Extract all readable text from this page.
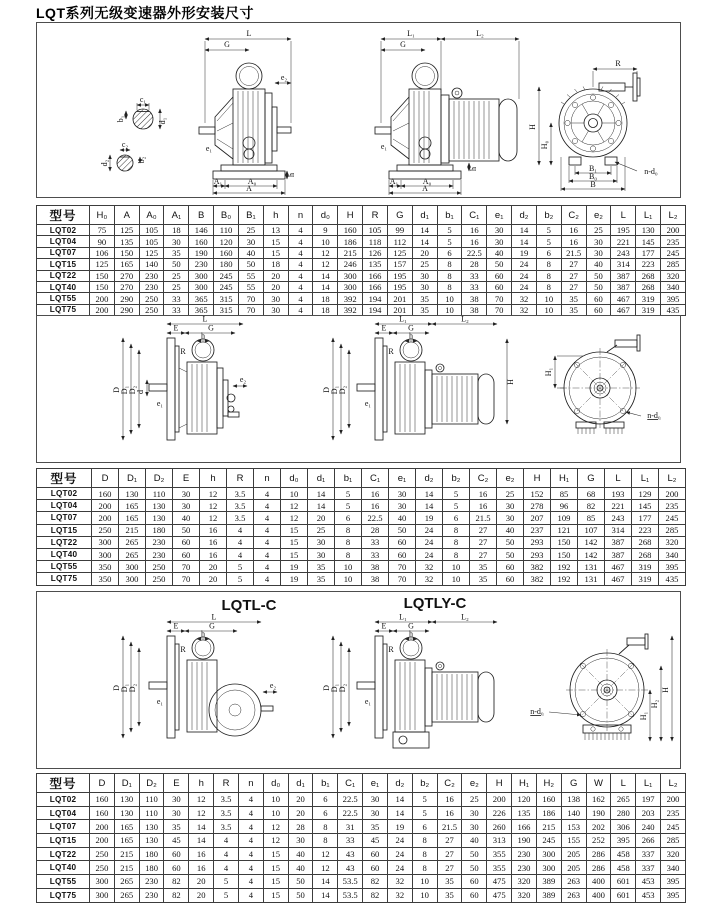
LQT系列无级变速器外形安装尺寸
c₁
b₁	d₁
c₂
d₂	b₂
L
G
e₂
e₁
h
A₁	A₀
A
L₁	L₂
G
e₁
A₁	A₀
A
h
R
H
H₀
B₁
B₀
B
n-d₀
型号	H₀	A	A₀	A₁	B	B₀	B₁	h	n	d₀	H	R	G	d₁	b₁	C₁	e₁	d₂	b₂	C₂	e₂	L	L₁	L₂
LQT02	75	125	105	18	146	110	25	13	4	9	160	105	99	14	5	16	30	14	5	16	25	195	130	200
LQT04	90	135	105	30	160	120	30	15	4	10	186	118	112	14	5	16	30	14	5	16	30	221	145	235
LQT07	106	150	125	35	190	160	40	15	4	12	215	126	125	20	6	22.5	40	19	6	21.5	30	243	177	245
LQT15	125	165	140	50	230	180	50	18	4	12	246	135	157	25	8	28	50	24	8	27	40	314	223	285
LQT22	150	270	230	25	300	245	55	20	4	14	300	166	195	30	8	33	60	24	8	27	50	387	268	320
LQT40	150	270	230	25	300	245	55	20	4	14	300	166	195	30	8	33	60	24	8	27	50	387	268	340
LQT55	200	290	250	33	365	315	70	30	4	18	392	194	201	35	10	38	70	32	10	35	60	467	319	395
LQT75	200	290	250	33	365	315	70	30	4	18	392	194	201	35	10	38	70	32	10	35	60	467	319	435
D D₁ D₂ d
L
E	G
h
R
e₁
e₂
D D₁ D₂
L₁	L₂
E	G
h
R
e₁
H
H₁
n-d₀
型号	D	D₁	D₂	E	h	R	n	d₀	d₁	b₁	C₁	e₁	d₂	b₂	C₂	e₂	H	H₁	G	L	L₁	L₂
LQT02	160	130	110	30	12	3.5	4	10	14	5	16	30	14	5	16	25	152	85	68	193	129	200
LQT04	200	165	130	30	12	3.5	4	12	14	5	16	30	14	5	16	30	278	96	82	221	145	235
LQT07	200	165	130	40	12	3.5	4	12	20	6	22.5	40	19	6	21.5	30	207	109	85	243	177	245
LQT15	250	215	180	50	16	4	4	15	25	8	28	50	24	8	27	40	237	121	107	314	223	285
LQT22	300	265	230	60	16	4	4	15	30	8	33	60	24	8	27	50	293	150	142	387	268	320
LQT40	300	265	230	60	16	4	4	15	30	8	33	60	24	8	27	50	293	150	142	387	268	340
LQT55	350	300	250	70	20	5	4	19	35	10	38	70	32	10	35	60	382	192	131	467	319	395
LQT75	350	300	250	70	20	5	4	19	35	10	38	70	32	10	35	60	382	192	131	467	319	435
LQTL-C	LQTLY-C
D D₁ D₂
L
E	G
h
R
e₁
e₂	D D₁ D₂
L₁	L₂
E	G
h
R
e₁
n-d₀	H₁
H₂
H
型号	D	D₁	D₂	E	h	R	n	d₀	d₁	b₁	C₁	e₁	d₂	b₂	C₂	e₂	H	H₁	H₂	G	W	L	L₁	L₂
LQT02	160	130	110	30	12	3.5	4	10	20	6	22.5	30	14	5	16	25	200	120	160	138	162	265	197	200
LQT04	160	130	110	30	12	3.5	4	10	20	6	22.5	30	14	5	16	30	226	135	186	140	190	280	203	235
LQT07	200	165	130	35	14	3.5	4	12	28	8	31	35	19	6	21.5	30	260	166	215	153	202	306	240	245
LQT15	200	165	130	45	14	4	4	12	30	8	33	45	24	8	27	40	313	190	245	155	252	395	266	285
LQT22	250	215	180	60	16	4	4	15	40	12	43	60	24	8	27	50	355	230	300	205	286	458	337	320
LQT40	250	215	180	60	16	4	4	15	40	12	43	60	24	8	27	50	355	230	300	205	286	458	337	340
LQT55	300	265	230	82	20	5	4	15	50	14	53.5	82	32	10	35	60	475	320	389	263	400	601	453	395
LQT75	300	265	230	82	20	5	4	15	50	14	53.5	82	32	10	35	60	475	320	389	263	400	601	453	395
